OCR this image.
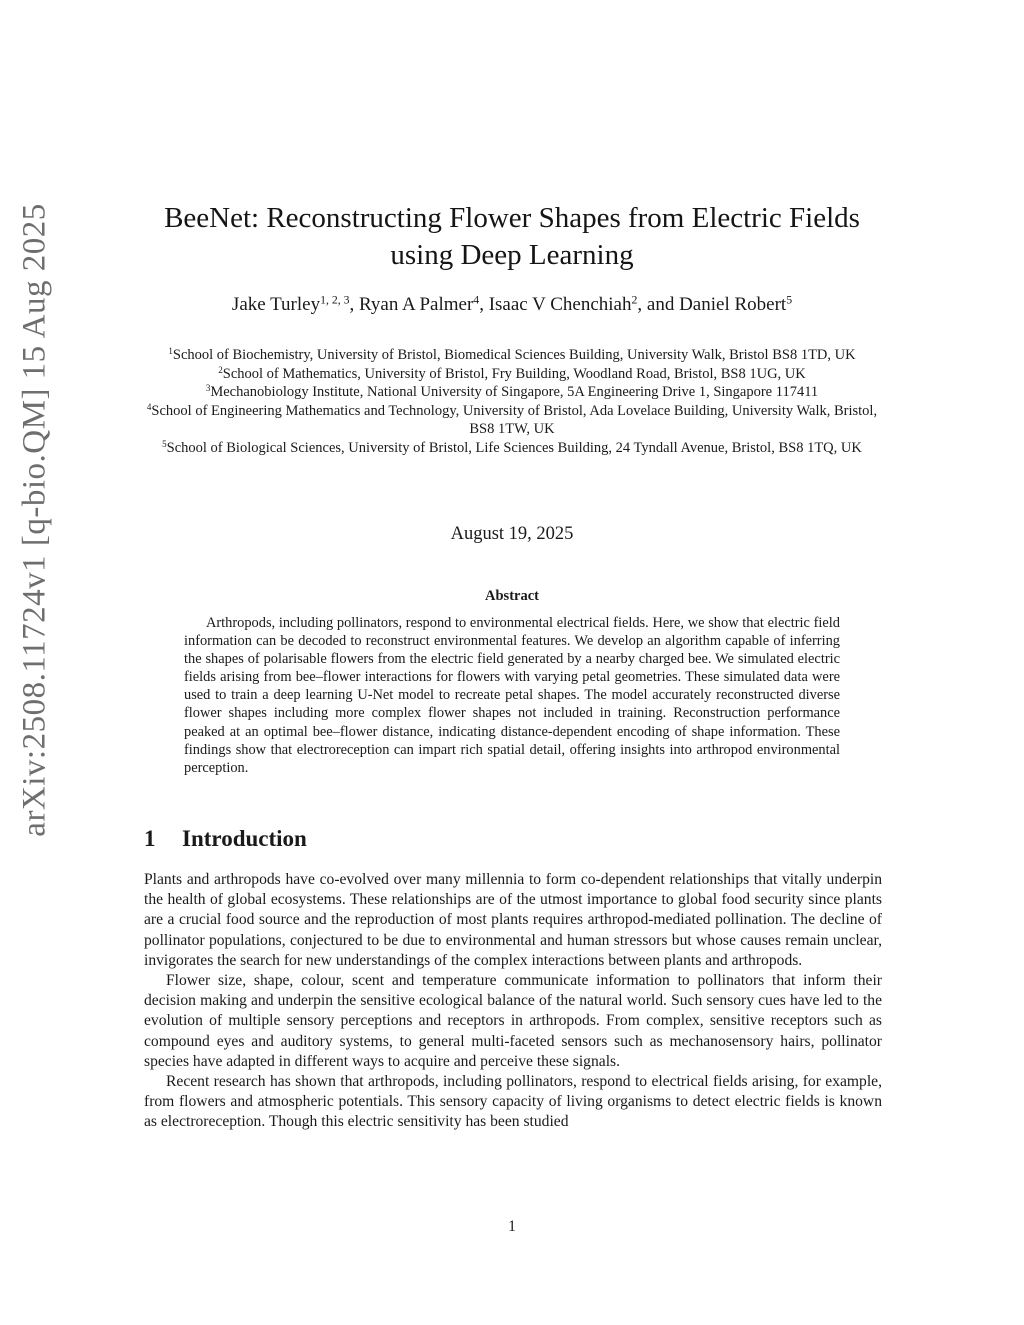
arXiv:2508.11724v1 [q-bio.QM] 15 Aug 2025	BeeNet: Reconstructing Flower Shapes from Electric Fields using Deep Learning
Jake Turley$^{1, 2, 3}$, Ryan A Palmer$^4$, Isaac V Chenchiah$^2$, and Daniel Robert$^5$

$^1$School of Biochemistry, University of Bristol, Biomedical Sciences Building, University Walk, Bristol BS8 1TD, UK

$^2$School of Mathematics, University of Bristol, Fry Building, Woodland Road, Bristol, BS8 1UG, UK

$^3$Mechanobiology Institute, National University of Singapore, 5A Engineering Drive 1, Singapore 117411

$^4$School of Engineering Mathematics and Technology, University of Bristol, Ada Lovelace Building, University Walk, Bristol, BS8 1TW, UK

$^5$School of Biological Sciences, University of Bristol, Life Sciences Building, 24 Tyndall Avenue, Bristol, BS8 1TQ, UK

August 19, 2025
Abstract

Arthropods, including pollinators, respond to environmental electrical fields. Here, we show that electric field information can be decoded to reconstruct environmental features. We develop an algorithm capable of inferring the shapes of polarisable flowers from the electric field generated by a nearby charged bee. We simulated electric fields arising from bee–flower interactions for flowers with varying petal geometries. These simulated data were used to train a deep learning U-Net model to recreate petal shapes. The model accurately reconstructed diverse flower shapes including more complex flower shapes not included in training. Reconstruction performance peaked at an optimal bee–flower distance, indicating distance-dependent encoding of shape information. These findings show that electroreception can impart rich spatial detail, offering insights into arthropod environmental perception.

1 Introduction

Plants and arthropods have co-evolved over many millennia to form co-dependent relationships that vitally underpin the health of global ecosystems. These relationships are of the utmost importance to global food security since plants are a crucial food source and the reproduction of most plants requires arthropod-mediated pollination. The decline of pollinator populations, conjectured to be due to environmental and human stressors but whose causes remain unclear, invigorates the search for new understandings of the complex interactions between plants and arthropods.

Flower size, shape, colour, scent and temperature communicate information to pollinators that inform their decision making and underpin the sensitive ecological balance of the natural world. Such sensory cues have led to the evolution of multiple sensory perceptions and receptors in arthropods. From complex, sensitive receptors such as compound eyes and auditory systems, to general multi-faceted sensors such as mechanosensory hairs, pollinator species have adapted in different ways to acquire and perceive these signals.

Recent research has shown that arthropods, including pollinators, respond to electrical fields arising, for example, from flowers and atmospheric potentials. This sensory capacity of living organisms to detect electric fields is known as electroreception. Though this electric sensitivity has been studied

1
